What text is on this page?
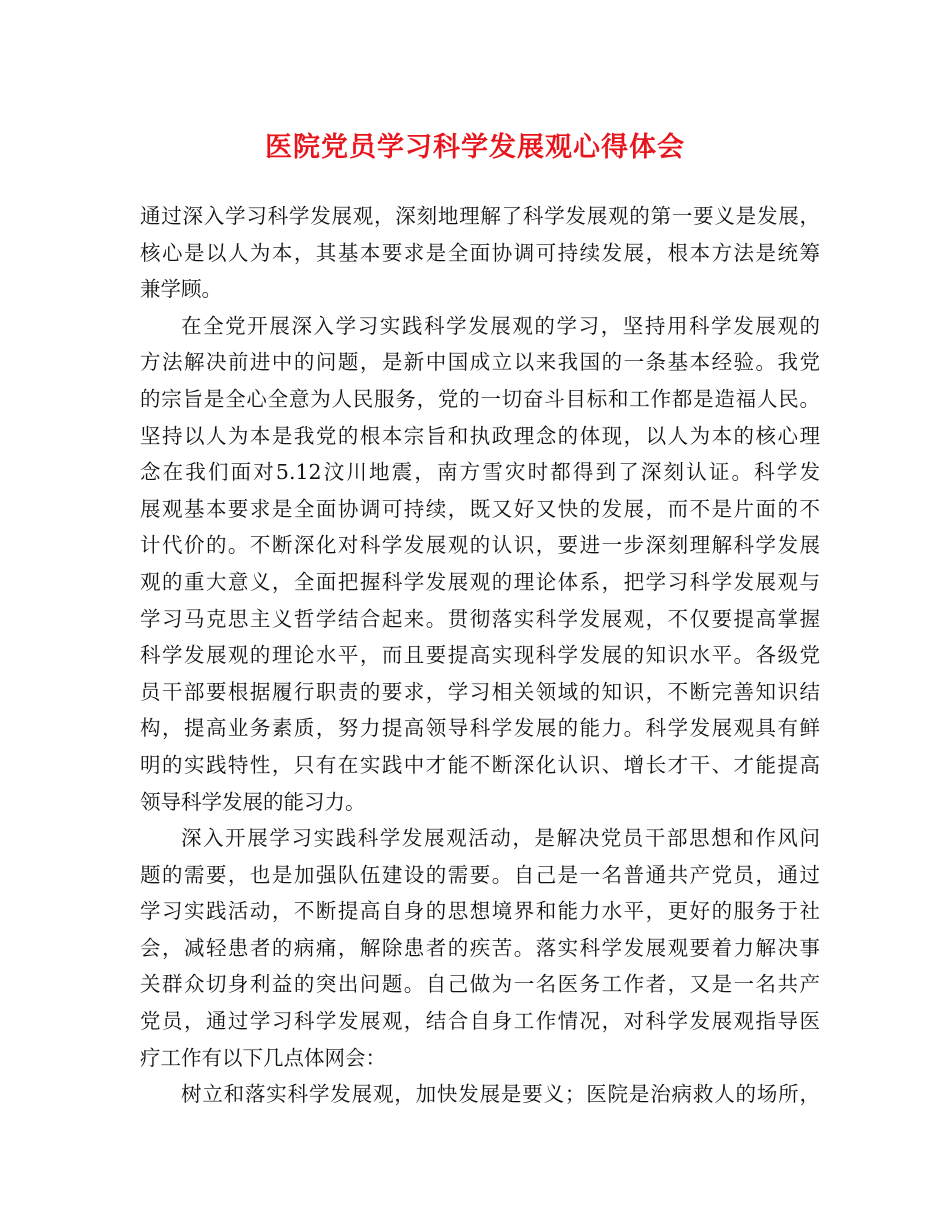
医院党员学习科学发展观心得体会

通过深入学习科学发展观，深刻地理解了科学发展观的第一要义是发展，
核心是以人为本，其基本要求是全面协调可持续发展，根本方法是统筹
兼学顾。

在全党开展深入学习实践科学发展观的学习，坚持用科学发展观的
方法解决前进中的问题，是新中国成立以来我国的一条基本经验。我党
的宗旨是全心全意为人民服务，党的一切奋斗目标和工作都是造福人民。
坚持以人为本是我党的根本宗旨和执政理念的体现，以人为本的核心理
念在我们面对5.12汶川地震，南方雪灾时都得到了深刻认证。科学发
展观基本要求是全面协调可持续，既又好又快的发展，而不是片面的不
计代价的。不断深化对科学发展观的认识，要进一步深刻理解科学发展
观的重大意义，全面把握科学发展观的理论体系，把学习科学发展观与
学习马克思主义哲学结合起来。贯彻落实科学发展观，不仅要提高掌握
科学发展观的理论水平，而且要提高实现科学发展的知识水平。各级党
员干部要根据履行职责的要求，学习相关领域的知识，不断完善知识结
构，提高业务素质，努力提高领导科学发展的能力。科学发展观具有鲜
明的实践特性，只有在实践中才能不断深化认识、增长才干、才能提高
领导科学发展的能习力。

深入开展学习实践科学发展观活动，是解决党员干部思想和作风问
题的需要，也是加强队伍建设的需要。自己是一名普通共产党员，通过
学习实践活动，不断提高自身的思想境界和能力水平，更好的服务于社
会，减轻患者的病痛，解除患者的疾苦。落实科学发展观要着力解决事
关群众切身利益的突出问题。自己做为一名医务工作者，又是一名共产
党员，通过学习科学发展观，结合自身工作情况，对科学发展观指导医
疗工作有以下几点体网会：

树立和落实科学发展观，加快发展是要义；医院是治病救人的场所，
